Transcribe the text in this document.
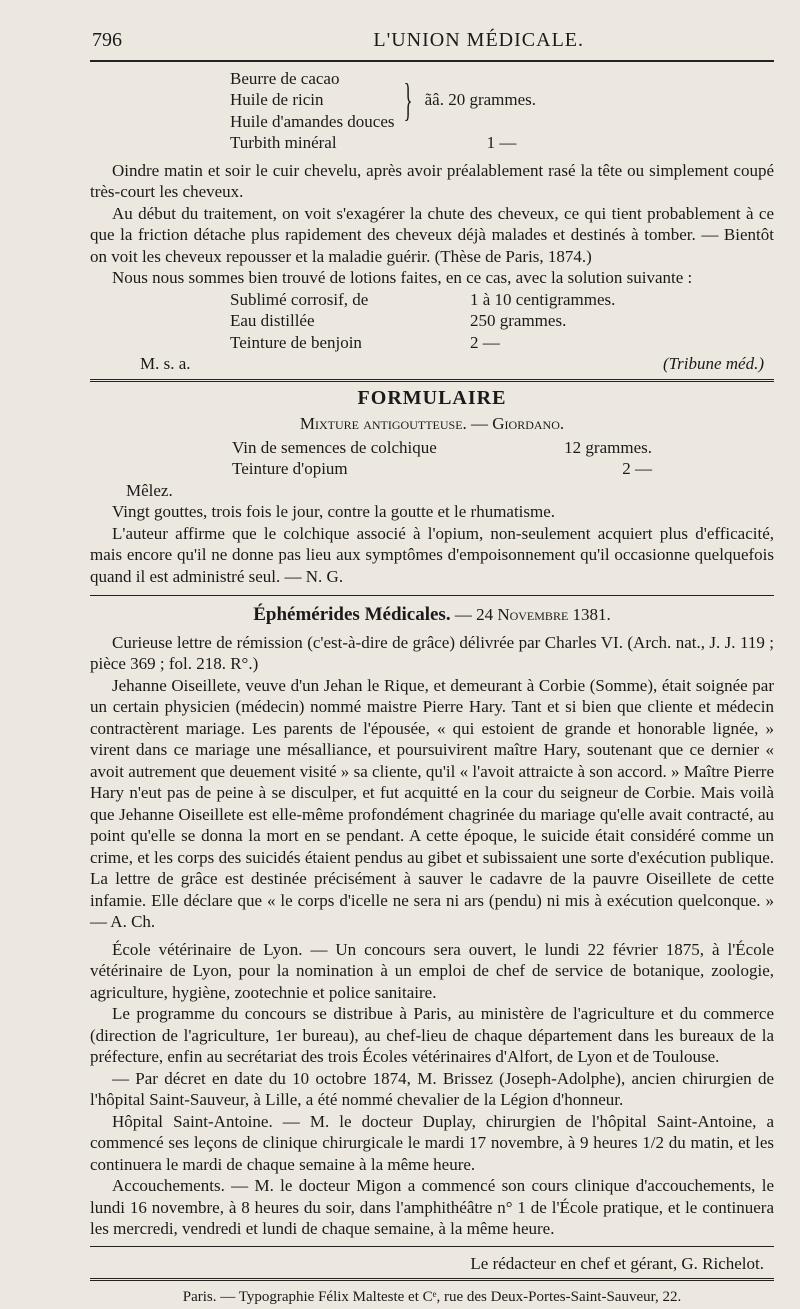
796	L'UNION MÉDICALE.
Beurre de cacao
Huile de ricin
Huile d'amandes douces } ãâ. 20 grammes.
Turbith minéral	1 —

Oindre matin et soir le cuir chevelu, après avoir préalablement rasé la tête ou simplement coupé très-court les cheveux.

Au début du traitement, on voit s'exagérer la chute des cheveux, ce qui tient probablement à ce que la friction détache plus rapidement des cheveux déjà malades et destinés à tomber. — Bientôt on voit les cheveux repousser et la maladie guérir. (Thèse de Paris, 1874.)

Nous nous sommes bien trouvé de lotions faites, en ce cas, avec la solution suivante :

Sublimé corrosif, de	1 à 10 centigrammes.
Eau distillée	250 grammes.
Teinture de benjoin	2 —
M. s. a.	(Tribune méd.)
FORMULAIRE
Mixture antigoutteuse. — Giordano.
Vin de semences de colchique	12 grammes.
Teinture d'opium	2 —
Mêlez.

Vingt gouttes, trois fois le jour, contre la goutte et le rhumatisme.

L'auteur affirme que le colchique associé à l'opium, non-seulement acquiert plus d'efficacité, mais encore qu'il ne donne pas lieu aux symptômes d'empoisonnement qu'il occasionne quelquefois quand il est administré seul. — N. G.

Éphémérides Médicales. — 24 Novembre 1381.

Curieuse lettre de rémission (c'est-à-dire de grâce) délivrée par Charles VI. (Arch. nat., J. J. 119 ; pièce 369 ; fol. 218. R°.)

Jehanne Oiseillete, veuve d'un Jehan le Rique, et demeurant à Corbie (Somme), était soignée par un certain physicien (médecin) nommé maistre Pierre Hary. Tant et si bien que cliente et médecin contractèrent mariage. Les parents de l'épousée, « qui estoient de grande et honorable lignée, » virent dans ce mariage une mésalliance, et poursuivirent maître Hary, soutenant que ce dernier « avoit autrement que deuement visité » sa cliente, qu'il « l'avoit attraicte à son accord. » Maître Pierre Hary n'eut pas de peine à se disculper, et fut acquitté en la cour du seigneur de Corbie. Mais voilà que Jehanne Oiseillete est elle-même profondément chagrinée du mariage qu'elle avait contracté, au point qu'elle se donna la mort en se pendant. A cette époque, le suicide était considéré comme un crime, et les corps des suicidés étaient pendus au gibet et subissaient une sorte d'exécution publique. La lettre de grâce est destinée précisément à sauver le cadavre de la pauvre Oiseillete de cette infamie. Elle déclare que « le corps d'icelle ne sera ni ars (pendu) ni mis à exécution quelconque. » — A. Ch.

École vétérinaire de Lyon. — Un concours sera ouvert, le lundi 22 février 1875, à l'École vétérinaire de Lyon, pour la nomination à un emploi de chef de service de botanique, zoologie, agriculture, hygiène, zootechnie et police sanitaire.

Le programme du concours se distribue à Paris, au ministère de l'agriculture et du commerce (direction de l'agriculture, 1er bureau), au chef-lieu de chaque département dans les bureaux de la préfecture, enfin au secrétariat des trois Écoles vétérinaires d'Alfort, de Lyon et de Toulouse.

— Par décret en date du 10 octobre 1874, M. Brissez (Joseph-Adolphe), ancien chirurgien de l'hôpital Saint-Sauveur, à Lille, a été nommé chevalier de la Légion d'honneur.

Hôpital Saint-Antoine. — M. le docteur Duplay, chirurgien de l'hôpital Saint-Antoine, a commencé ses leçons de clinique chirurgicale le mardi 17 novembre, à 9 heures 1/2 du matin, et les continuera le mardi de chaque semaine à la même heure.

Accouchements. — M. le docteur Migon a commencé son cours clinique d'accouchements, le lundi 16 novembre, à 8 heures du soir, dans l'amphithéâtre n° 1 de l'École pratique, et le continuera les mercredi, vendredi et lundi de chaque semaine, à la même heure.

Le rédacteur en chef et gérant, G. Richelot.
Paris. — Typographie Félix Malteste et Cᵉ, rue des Deux-Portes-Saint-Sauveur, 22.
